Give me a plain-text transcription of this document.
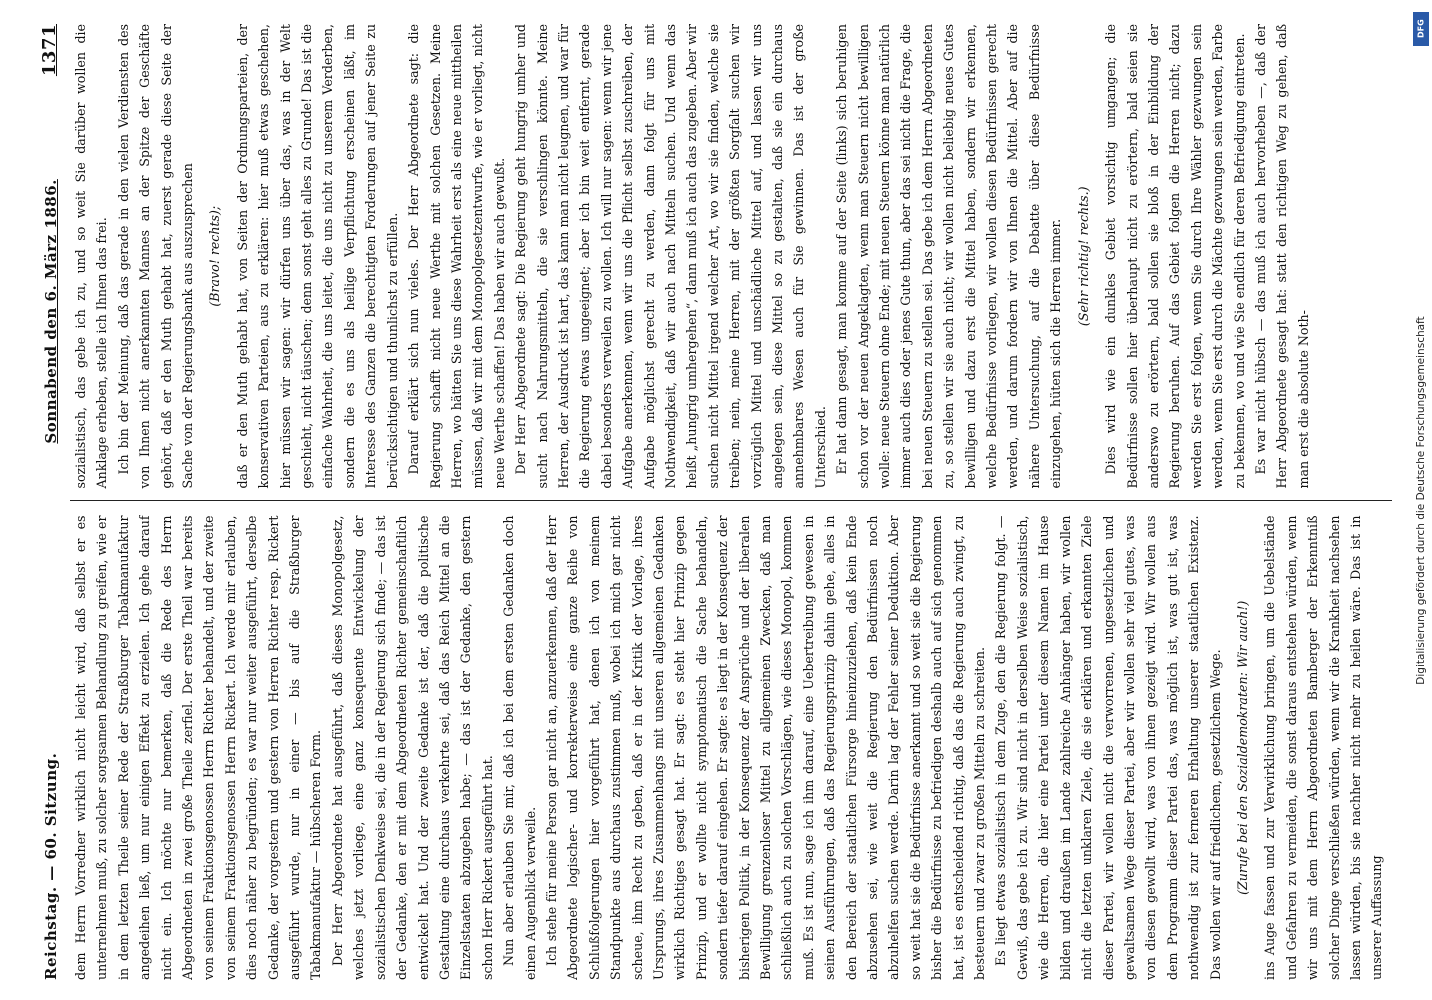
Reichstag. — 60. Sitzung.
Sonnabend den 6. März 1886.
1371

dem Herrn Vorredner wirklich nicht leicht wird, daß selbst er es unternehmen muß, zu solcher sorgsamen Behandlung zu greifen, wie er in dem letzten Theile seiner Rede der Straßburger Tabakmanufaktur angedeihen ließ, um nur einigen Effekt zu erzielen. Ich gehe darauf nicht ein. Ich möchte nur bemerken, daß die Rede des Herrn Abgeordneten in zwei große Theile zerfiel. Der erste Theil war bereits von seinem Fraktionsgenossen Herrn Richter behandelt, und der zweite von seinem Fraktionsgenossen Herrn Rickert. Ich werde mir erlauben, dies noch näher zu begründen; es war nur weiter ausgeführt, derselbe Gedanke, der vorgestern und gestern von Herren Richter resp. Rickert ausgeführt wurde, nur in einer — bis auf die Straßburger Tabakmanufaktur — hübscheren Form. Der Herr Abgeordnete hat ausgeführt, daß dieses Monopolgesetz, welches jetzt vorliege, eine ganz konsequente Entwickelung der sozialistischen Denkweise sei, die in der Regierung sich finde; — das ist der Gedanke, den er mit dem Abgeordneten Richter gemeinschaftlich entwickelt hat. Und der zweite Gedanke ist der, daß die politische Gestaltung eine durchaus verkehrte sei, daß das Reich Mittel an die Einzelstaaten abzugeben habe; — das ist der Gedanke, den gestern schon Herr Rickert ausgeführt hat. Nun aber erlauben Sie mir, daß ich bei dem ersten Gedanken doch einen Augenblick verweile. Ich stehe für meine Person gar nicht an, anzuerkennen, daß der Herr Abgeordnete logischer- und korrekterweise eine ganze Reihe von Schlußfolgerungen hier vorgeführt hat, denen ich von meinem Standpunkte aus durchaus zustimmen muß, wobei ich mich gar nicht scheue, ihm Recht zu geben, daß er in der Kritik der Vorlage, ihres Ursprungs, ihres Zusammenhangs mit unseren allgemeinen Gedanken wirklich Richtiges gesagt hat. Er sagt: es steht hier Prinzip gegen Prinzip, und er wollte nicht symptomatisch die Sache behandeln, sondern tiefer darauf eingehen. Er sagte: es liegt in der Konsequenz der bisherigen Politik, in der Konsequenz der Ansprüche und der liberalen Bewilligung grenzenloser Mittel zu allgemeinen Zwecken, daß man schließlich auch zu solchen Vorschlägen, wie dieses Monopol, kommen muß. Es ist nun, sage ich ihm darauf, eine Uebertreibung gewesen in seinen Ausführungen, daß das Regierungsprinzip dahin gehe, alles in den Bereich der staatlichen Fürsorge hineinzuziehen, daß kein Ende abzusehen sei, wie weit die Regierung den Bedürfnissen noch abzuhelfen suchen werde. Darin lag der Fehler seiner Deduktion. Aber so weit hat sie die Bedürfnisse anerkannt und so weit sie die Regierung bisher die Bedürfnisse zu befriedigen deshalb auch auf sich genommen hat, ist es entscheidend richtig, daß das die Regierung auch zwingt, zu besteuern und zwar zu großen Mitteln zu schreiten. Es liegt etwas sozialistisch in dem Zuge, den die Regierung folgt. — Gewiß, das gebe ich zu. Wir sind nicht in derselben Weise sozialistisch, wie die Herren, die hier eine Partei unter diesem Namen im Hause bilden und draußen im Lande zahlreiche Anhänger haben, wir wollen nicht die letzten unklaren Ziele, die sie erklären und erkannten Ziele dieser Partei, wir wollen nicht die verworrenen, ungesetzlichen und gewaltsamen Wege dieser Partei, aber wir wollen sehr viel gutes, was von diesen gewollt wird, was von ihnen gezeigt wird. Wir wollen aus dem Programm dieser Partei das, was möglich ist, was gut ist, was nothwendig ist zur ferneren Erhaltung unserer staatlichen Existenz. Das wollen wir auf friedlichem, gesetzlichem Wege. (Zurufe bei den Sozialdemokraten: Wir auch!) ins Auge fassen und zur Verwirklichung bringen, um die Uebelstände und Gefahren zu vermeiden, die sonst daraus entstehen würden, wenn wir uns mit dem Herrn Abgeordneten Bamberger der Erkenntniß solcher Dinge verschließen würden, wenn wir die Krankheit nachsehen lassen würden, bis sie nachher nicht mehr zu heilen wäre. Das ist in unserer Auffassung

sozialistisch, das gebe ich zu, und so weit Sie darüber wollen die Anklage erheben, stelle ich Ihnen das frei. Ich bin der Meinung, daß das gerade in den vielen Verdiensten des von Ihnen nicht anerkannten Mannes an der Spitze der Geschäfte gehört, daß er den Muth gehabt hat, zuerst gerade diese Seite der Sache von der Regierungsbank aus auszusprechen (Bravo! rechts); daß er den Muth gehabt hat, von Seiten der Ordnungsparteien, der konservativen Parteien, aus zu erklären: hier muß etwas geschehen, hier müssen wir sagen: wir dürfen uns über das, was in der Welt geschieht, nicht täuschen; denn sonst geht alles zu Grunde! Das ist die einfache Wahrheit, die uns leitet, die uns nicht zu unserem Verderben, sondern die es uns als heilige Verpflichtung erscheinen läßt, im Interesse des Ganzen die berechtigten Forderungen auf jener Seite zu berücksichtigen und thunlichst zu erfüllen. Darauf erklärt sich nun vieles. Der Herr Abgeordnete sagt: die Regierung schafft nicht neue Werthe mit solchen Gesetzen. Meine Herren, wo hätten Sie uns diese Wahrheit erst als eine neue mittheilen müssen, daß wir mit dem Monopolgesetzentwurfe, wie er vorliegt, nicht neue Werthe schaffen! Das haben wir auch gewußt. Der Herr Abgeordnete sagt: Die Regierung geht hungrig umher und sucht nach Nahrungsmitteln, die sie verschlingen könnte. Meine Herren, der Ausdruck ist hart, das kann man nicht leugnen, und war für die Regierung etwas ungeeignet; aber ich bin weit entfernt, gerade dabei besonders verweilen zu wollen. Ich will nur sagen: wenn wir jene Aufgabe anerkennen, wenn wir uns die Pflicht selbst zuschreiben, der Aufgabe möglichst gerecht zu werden, dann folgt für uns mit Nothwendigkeit, daß wir auch nach Mitteln suchen. Und wenn das heißt „hungrig umhergehen“, dann muß ich auch das zugeben. Aber wir suchen nicht Mittel irgend welcher Art, wo wir sie finden, welche sie treiben; nein, meine Herren, mit der größten Sorgfalt suchen wir vorzüglich Mittel und unschädliche Mittel auf, und lassen wir uns angelegen sein, diese Mittel so zu gestalten, daß sie ein durchaus annehmbares Wesen auch für Sie gewinnen. Das ist der große Unterschied. Er hat dann gesagt, man komme auf der Seite (links) sich beruhigen schon vor der neuen Angeklagten, wenn man Steuern nicht bewilligen wolle: neue Steuern ohne Ende; mit neuen Steuern könne man natürlich immer auch dies oder jenes Gute thun, aber das sei nicht die Frage, die bei neuen Steuern zu stellen sei. Das gebe ich dem Herrn Abgeordneten zu, so stellen wir sie auch nicht; wir wollen nicht beliebig neues Gutes bewilligen und dazu erst die Mittel haben, sondern wir erkennen, welche Bedürfnisse vorliegen, wir wollen diesen Bedürfnissen gerecht werden, und darum fordern wir von Ihnen die Mittel. Aber auf die nähere Untersuchung, auf die Debatte über diese Bedürfnisse einzugehen, hüten sich die Herren immer. (Sehr richtig! rechts.) Dies wird wie ein dunkles Gebiet vorsichtig umgangen; die Bedürfnisse sollen hier überhaupt nicht zu erörtern, bald seien sie anderswo zu erörtern, bald sollen sie bloß in der Einbildung der Regierung beruhen. Auf das Gebiet folgen die Herren nicht; dazu werden Sie erst folgen, wenn Sie durch Ihre Wähler gezwungen sein werden, wenn Sie erst durch die Mächte gezwungen sein werden, Farbe zu bekennen, wo und wie Sie endlich für deren Befriedigung eintreten. Es war nicht hübsch — das muß ich auch hervorheben —, daß der Herr Abgeordnete gesagt hat: statt den richtigen Weg zu gehen, daß man erst die absolute Noth-

DFG
Digitalisierung gefördert durch die Deutsche Forschungsgemeinschaft
